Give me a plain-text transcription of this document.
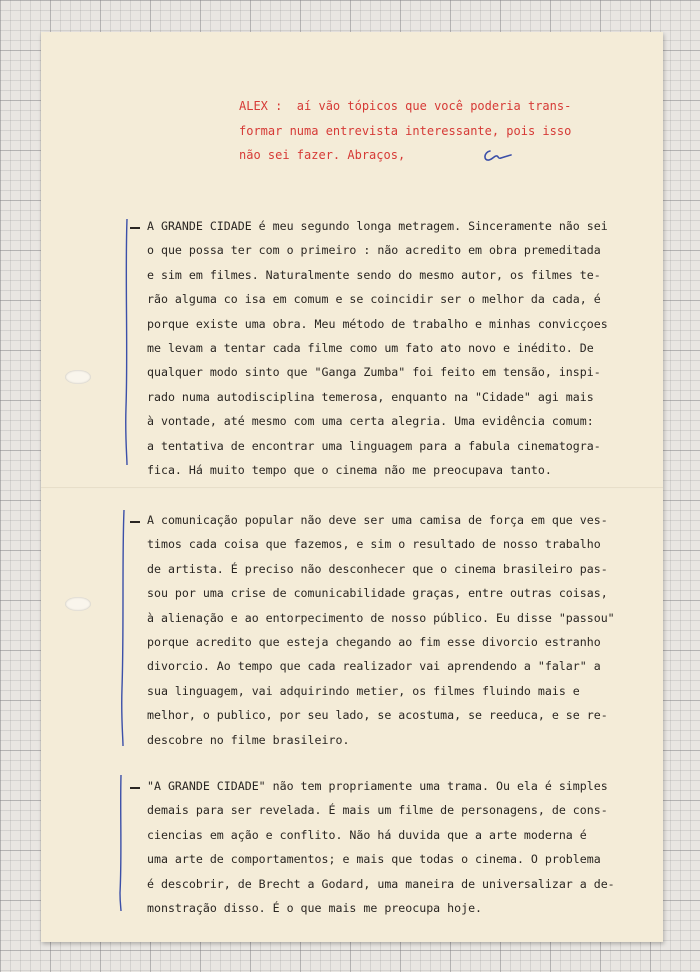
ALEX :  aí vão tópicos que você poderia trans-
formar numa entrevista interessante, pois isso
não sei fazer. Abraços,
A GRANDE CIDADE é meu segundo longa metragem. Sinceramente não sei
o que possa ter com o primeiro : não acredito em obra premeditada
e sim em filmes. Naturalmente sendo do mesmo autor, os filmes te-
rão alguma co isa em comum e se coincidir ser o melhor da cada, é
porque existe uma obra. Meu método de trabalho e minhas convicçoes
me levam a tentar cada filme como um fato ato novo e inédito. De
qualquer modo sinto que "Ganga Zumba" foi feito em tensão, inspi-
rado numa autodisciplina temerosa, enquanto na "Cidade" agi mais
à vontade, até mesmo com uma certa alegria. Uma evidência comum:
a tentativa de encontrar uma linguagem para a fabula cinematogra-
fica. Há muito tempo que o cinema não me preocupava tanto.
A comunicação popular não deve ser uma camisa de força em que ves-
timos cada coisa que fazemos, e sim o resultado de nosso trabalho
de artista. É preciso não desconhecer que o cinema brasileiro pas-
sou por uma crise de comunicabilidade graças, entre outras coisas,
à alienação e ao entorpecimento de nosso público. Eu disse "passou"
porque acredito que esteja chegando ao fim esse divorcio estranho
divorcio. Ao tempo que cada realizador vai aprendendo a "falar" a
sua linguagem, vai adquirindo metier, os filmes fluindo mais e
melhor, o publico, por seu lado, se acostuma, se reeduca, e se re-
descobre no filme brasileiro.
"A GRANDE CIDADE" não tem propriamente uma trama. Ou ela é simples
demais para ser revelada. É mais um filme de personagens, de cons-
ciencias em ação e conflito. Não há duvida que a arte moderna é
uma arte de comportamentos; e mais que todas o cinema. O problema
é descobrir, de Brecht a Godard, uma maneira de universalizar a de-
monstração disso. É o que mais me preocupa hoje.
